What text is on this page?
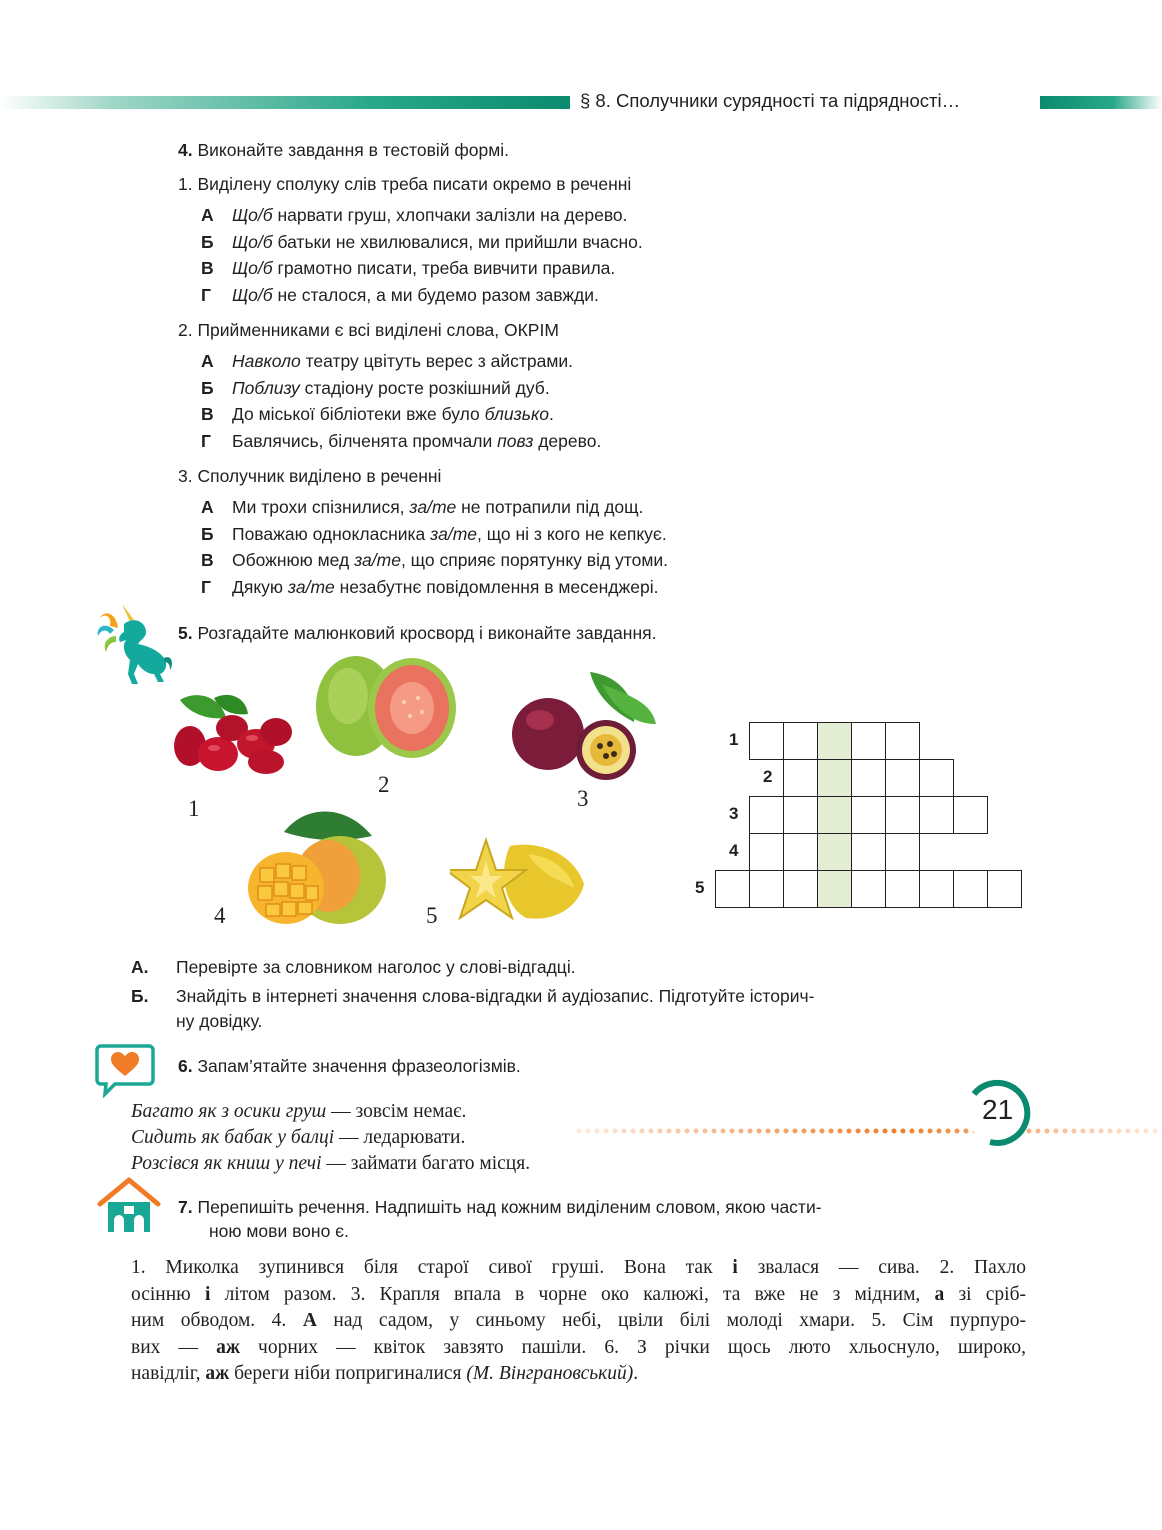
§ 8. Сполучники сурядності та підрядності…
4. Виконайте завдання в тестовій формі.
1. Виділену сполуку слів треба писати окремо в реченні
А Що/б нарвати груш, хлопчаки залізли на дерево.
Б Що/б батьки не хвилювалися, ми прийшли вчасно.
В Що/б грамотно писати, треба вивчити правила.
Г Що/б не сталося, а ми будемо разом завжди.
2. Прийменниками є всі виділені слова, ОКРІМ
А Навколо театру цвітуть верес з айстрами.
Б Поблизу стадіону росте розкішний дуб.
В До міської бібліотеки вже було близько.
Г Бавлячись, білченята промчали повз дерево.
3. Сполучник виділено в реченні
А Ми трохи спізнилися, за/те не потрапили під дощ.
Б Поважаю однокласника за/те, що ні з кого не кепкує.
В Обожнюю мед за/те, що сприяє порятунку від утоми.
Г Дякую за/те незабутнє повідомлення в месенджері.
5. Розгадайте малюнковий кросворд і виконайте завдання.
1
2
3
4	5
1
2
3
4
5
А. Перевірте за словником наголос у слові-відгадці.
Б. Знайдіть в інтернеті значення слова-відгадки й аудіозапис. Підготуйте історич-
ну довідку.
6. Запам’ятайте значення фразеологізмів.
Багато як з осики груш — зовсім немає.
Сидить як бабак у балці — ледарювати.
Розсівся як книш у печі — займати багато місця.
7. Перепишіть речення. Надпишіть над кожним виділеним словом, якою части-
ною мови воно є.
1. Миколка зупинився біля старої сивої груші. Вона так і звалася — сива. 2. Пахло
осінню і літом разом. 3. Крапля впала в чорне око калюжі, та вже не з мідним, а зі сріб-
ним обводом. 4. А над садом, у синьому небі, цвіли білі молоді хмари. 5. Сім пурпуро-
вих — аж чорних — квіток завзято пашіли. 6. З річки щось люто хльоснуло, широко,
навідліг, аж береги ніби попригиналися (М. Вінграновський).
21
